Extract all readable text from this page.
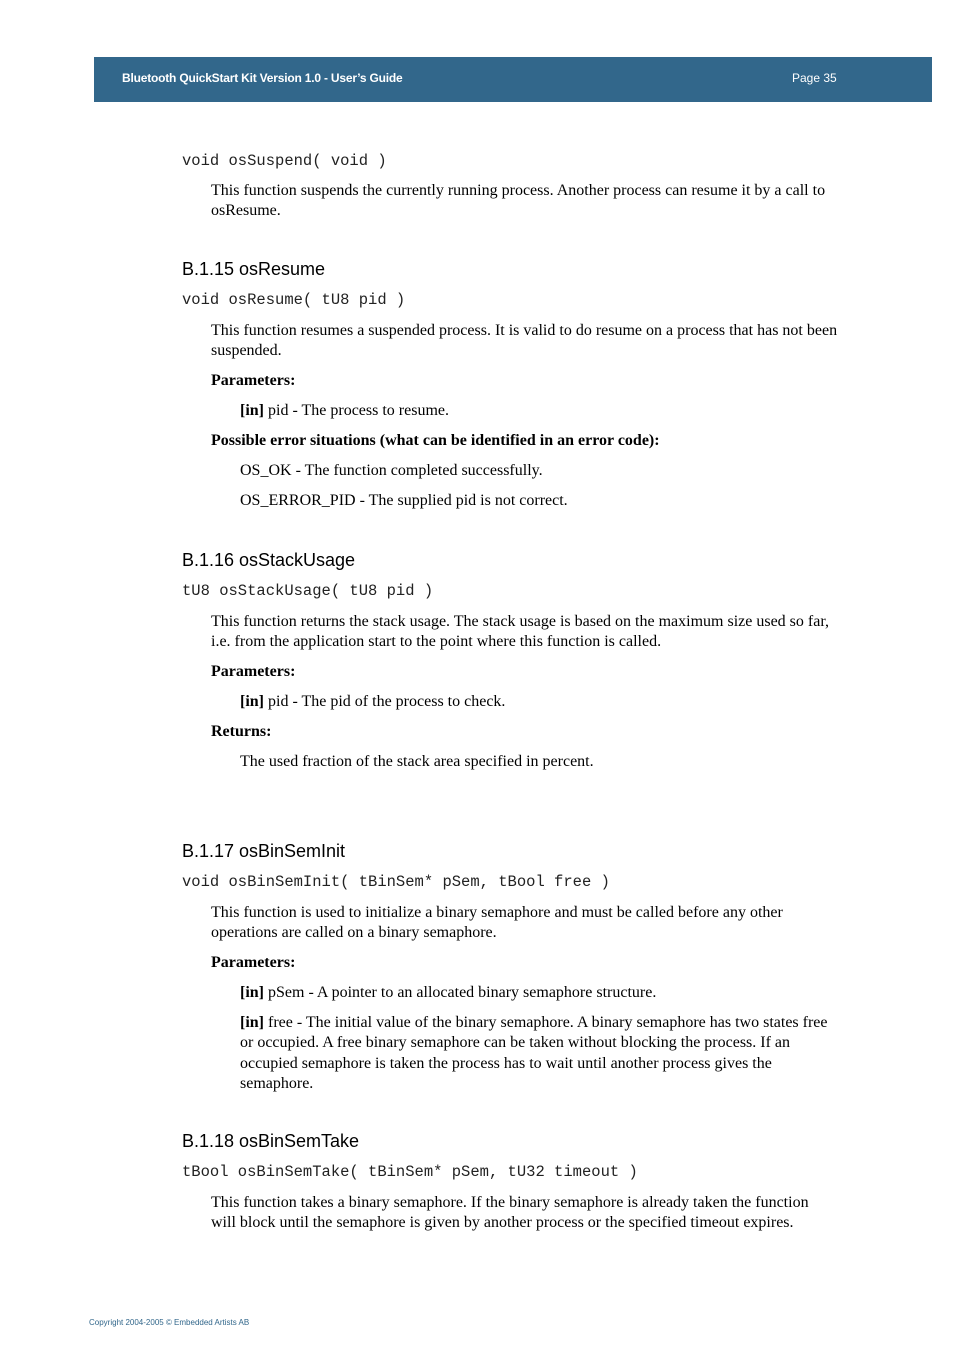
Bluetooth QuickStart Kit Version 1.0 - User’s Guide	Page 35
void osSuspend( void )
This function suspends the currently running process. Another process can resume it by a call to osResume.
B.1.15 osResume
void osResume( tU8 pid )
This function resumes a suspended process. It is valid to do resume on a process that has not been suspended.
Parameters:
[in] pid - The process to resume.
Possible error situations (what can be identified in an error code):
OS_OK - The function completed successfully.
OS_ERROR_PID - The supplied pid is not correct.
B.1.16 osStackUsage
tU8 osStackUsage( tU8 pid )
This function returns the stack usage. The stack usage is based on the maximum size used so far, i.e. from the application start to the point where this function is called.
Parameters:
[in] pid - The pid of the process to check.
Returns:
The used fraction of the stack area specified in percent.
B.1.17 osBinSemInit
void osBinSemInit( tBinSem* pSem, tBool free )
This function is used to initialize a binary semaphore and must be called before any other operations are called on a binary semaphore.
Parameters:
[in] pSem - A pointer to an allocated binary semaphore structure.
[in] free - The initial value of the binary semaphore. A binary semaphore has two states free or occupied. A free binary semaphore can be taken without blocking the process. If an occupied semaphore is taken the process has to wait until another process gives the semaphore.
B.1.18 osBinSemTake
tBool osBinSemTake( tBinSem* pSem, tU32 timeout )
This function takes a binary semaphore. If the binary semaphore is already taken the function will block until the semaphore is given by another process or the specified timeout expires.
Copyright 2004-2005 © Embedded Artists AB
